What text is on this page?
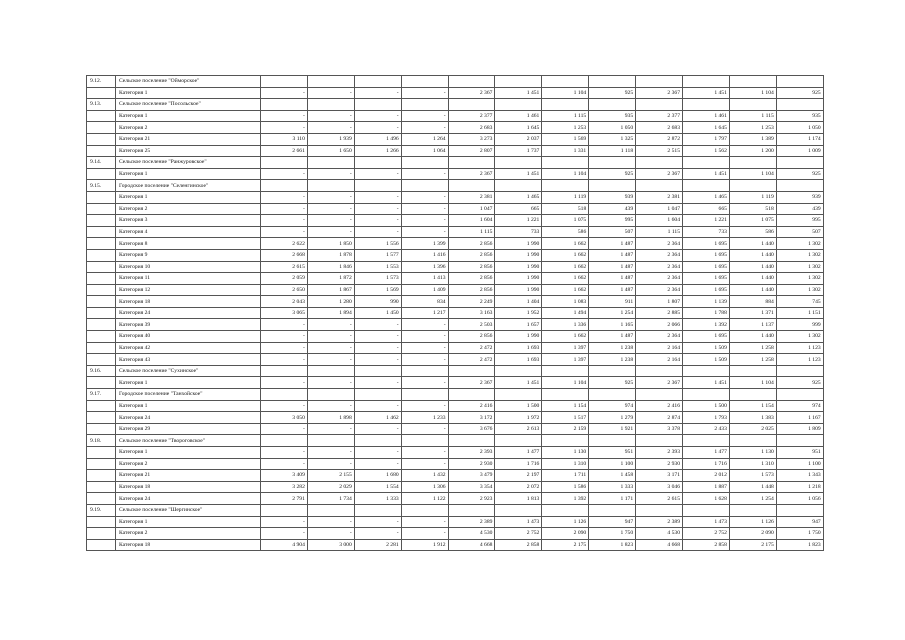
9.12.	Сельское поселение "Ойморское"												
	Категория 1	-	-	-	-	2 367	1 451	1 104	925	2 367	1 451	1 104	925
9.13.	Сельское поселение "Посольское"												
	Категория 1	-	-	-	-	2 377	1 461	1 115	935	2 377	1 461	1 115	935
	Категория 2	-	-	-	-	2 683	1 645	1 253	1 050	2 683	1 645	1 253	1 050
	Категория 21	3 110	1 939	1 496	1 264	3 273	2 037	1 569	1 325	2 872	1 797	1 389	1 174
	Категория 25	2 661	1 650	1 266	1 064	2 807	1 737	1 331	1 118	2 515	1 562	1 200	1 009
9.14.	Сельское поселение "Ранжуровское"												
	Категория 1	-	-	-	-	2 367	1 451	1 104	925	2 367	1 451	1 104	925
9.15.	Городское поселение "Селенгинское"												
	Категория 1	-	-	-	-	2 381	1 465	1 119	939	2 381	1 465	1 119	939
	Категория 2	-	-	-	-	1 047	665	518	439	1 047	665	518	439
	Категория 3	-	-	-	-	1 604	1 221	1 075	995	1 604	1 221	1 075	995
	Категория 4	-	-	-	-	1 115	733	586	507	1 115	733	586	507
	Категория 8	2 622	1 850	1 556	1 399	2 856	1 990	1 662	1 487	2 364	1 695	1 440	1 302
	Категория 9	2 668	1 878	1 577	1 416	2 856	1 990	1 662	1 487	2 364	1 695	1 440	1 302
	Категория 10	2 615	1 846	1 553	1 396	2 856	1 990	1 662	1 487	2 364	1 695	1 440	1 302
	Категория 11	2 059	1 872	1 573	1 413	2 856	1 990	1 662	1 487	2 364	1 695	1 440	1 302
	Категория 12	2 650	1 867	1 569	1 409	2 856	1 990	1 662	1 487	2 364	1 695	1 440	1 302
	Категория 18	2 043	1 280	990	834	2 249	1 404	1 083	911	1 807	1 139	884	745
	Категория 24	3 065	1 894	1 450	1 217	3 163	1 952	1 494	1 254	2 885	1 788	1 371	1 151
	Категория 39	-	-	-	-	2 503	1 657	1 336	1 165	2 066	1 392	1 137	999
	Категория 40	-	-	-	-	2 856	1 990	1 662	1 487	2 364	1 695	1 440	1 302
	Категория 42	-	-	-	-	2 472	1 693	1 397	1 238	2 164	1 509	1 258	1 123
	Категория 43	-	-	-	-	2 472	1 693	1 397	1 238	2 164	1 509	1 258	1 123
9.16.	Сельское поселение "Сухинское"												
	Категория 1	-	-	-	-	2 367	1 451	1 104	925	2 367	1 451	1 104	925
9.17.	Городское поселение "Танхойское"												
	Категория 1	-	-	-	-	2 416	1 500	1 154	974	2 416	1 500	1 154	974
	Категория 24	3 050	1 898	1 462	1 233	3 172	1 972	1 517	1 279	2 874	1 793	1 383	1 167
	Категория 29	-	-	-	-	3 676	2 613	2 159	1 921	3 378	2 433	2 025	1 809
9.18.	Сельское поселение "Творогoвское"												
	Категория 1	-	-	-	-	2 393	1 477	1 130	951	2 393	1 477	1 130	951
	Категория 2	-	-	-	-	2 930	1 716	1 310	1 100	2 930	1 716	1 310	1 100
	Категория 21	3 409	2 155	1 680	1 432	3 479	2 197	1 711	1 458	3 171	2 012	1 573	1 343
	Категория 18	3 282	2 029	1 554	1 306	3 354	2 072	1 586	1 333	3 046	1 887	1 448	1 218
	Категория 24	2 791	1 734	1 333	1 122	2 923	1 813	1 392	1 171	2 615	1 628	1 254	1 056
9.19.	Сельское поселение "Шергинское"												
	Категория 1	-	-	-	-	2 389	1 473	1 126	947	2 389	1 473	1 126	947
	Категория 2	-	-	-	-	4 530	2 752	2 090	1 750	4 530	2 752	2 090	1 750
	Категория 18	4 904	3 000	2 281	1 912	4 668	2 858	2 175	1 823	4 668	2 858	2 175	1 823
